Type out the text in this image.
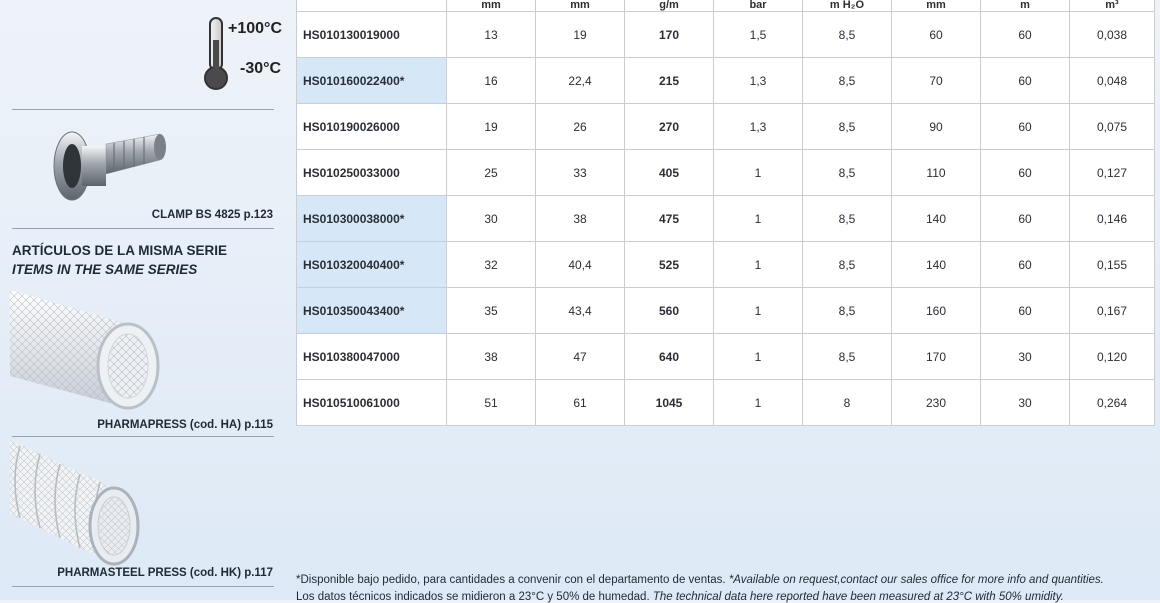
+100°C
-30°C
CLAMP BS 4825 p.123
ARTÍCULOS DE LA MISMA SERIE
ITEMS IN THE SAME SERIES
PHARMAPRESS (cod. HA) p.115
PHARMASTEEL PRESS (cod. HK) p.117
	mm	mm	g/m	bar	m H₂O	mm	m	m³
HS010130019000	13	19	170	1,5	8,5	60	60	0,038
HS010160022400*	16	22,4	215	1,3	8,5	70	60	0,048
HS010190026000	19	26	270	1,3	8,5	90	60	0,075
HS010250033000	25	33	405	1	8,5	110	60	0,127
HS010300038000*	30	38	475	1	8,5	140	60	0,146
HS010320040400*	32	40,4	525	1	8,5	140	60	0,155
HS010350043400*	35	43,4	560	1	8,5	160	60	0,167
HS010380047000	38	47	640	1	8,5	170	30	0,120
HS010510061000	51	61	1045	1	8	230	30	0,264
*Disponible bajo pedido, para cantidades a convenir con el departamento de ventas. *Available on request,contact our sales office for more info and quantities.
Los datos técnicos indicados se midieron a 23°C y 50% de humedad. The technical data here reported have been measured at 23°C with 50% umidity.
